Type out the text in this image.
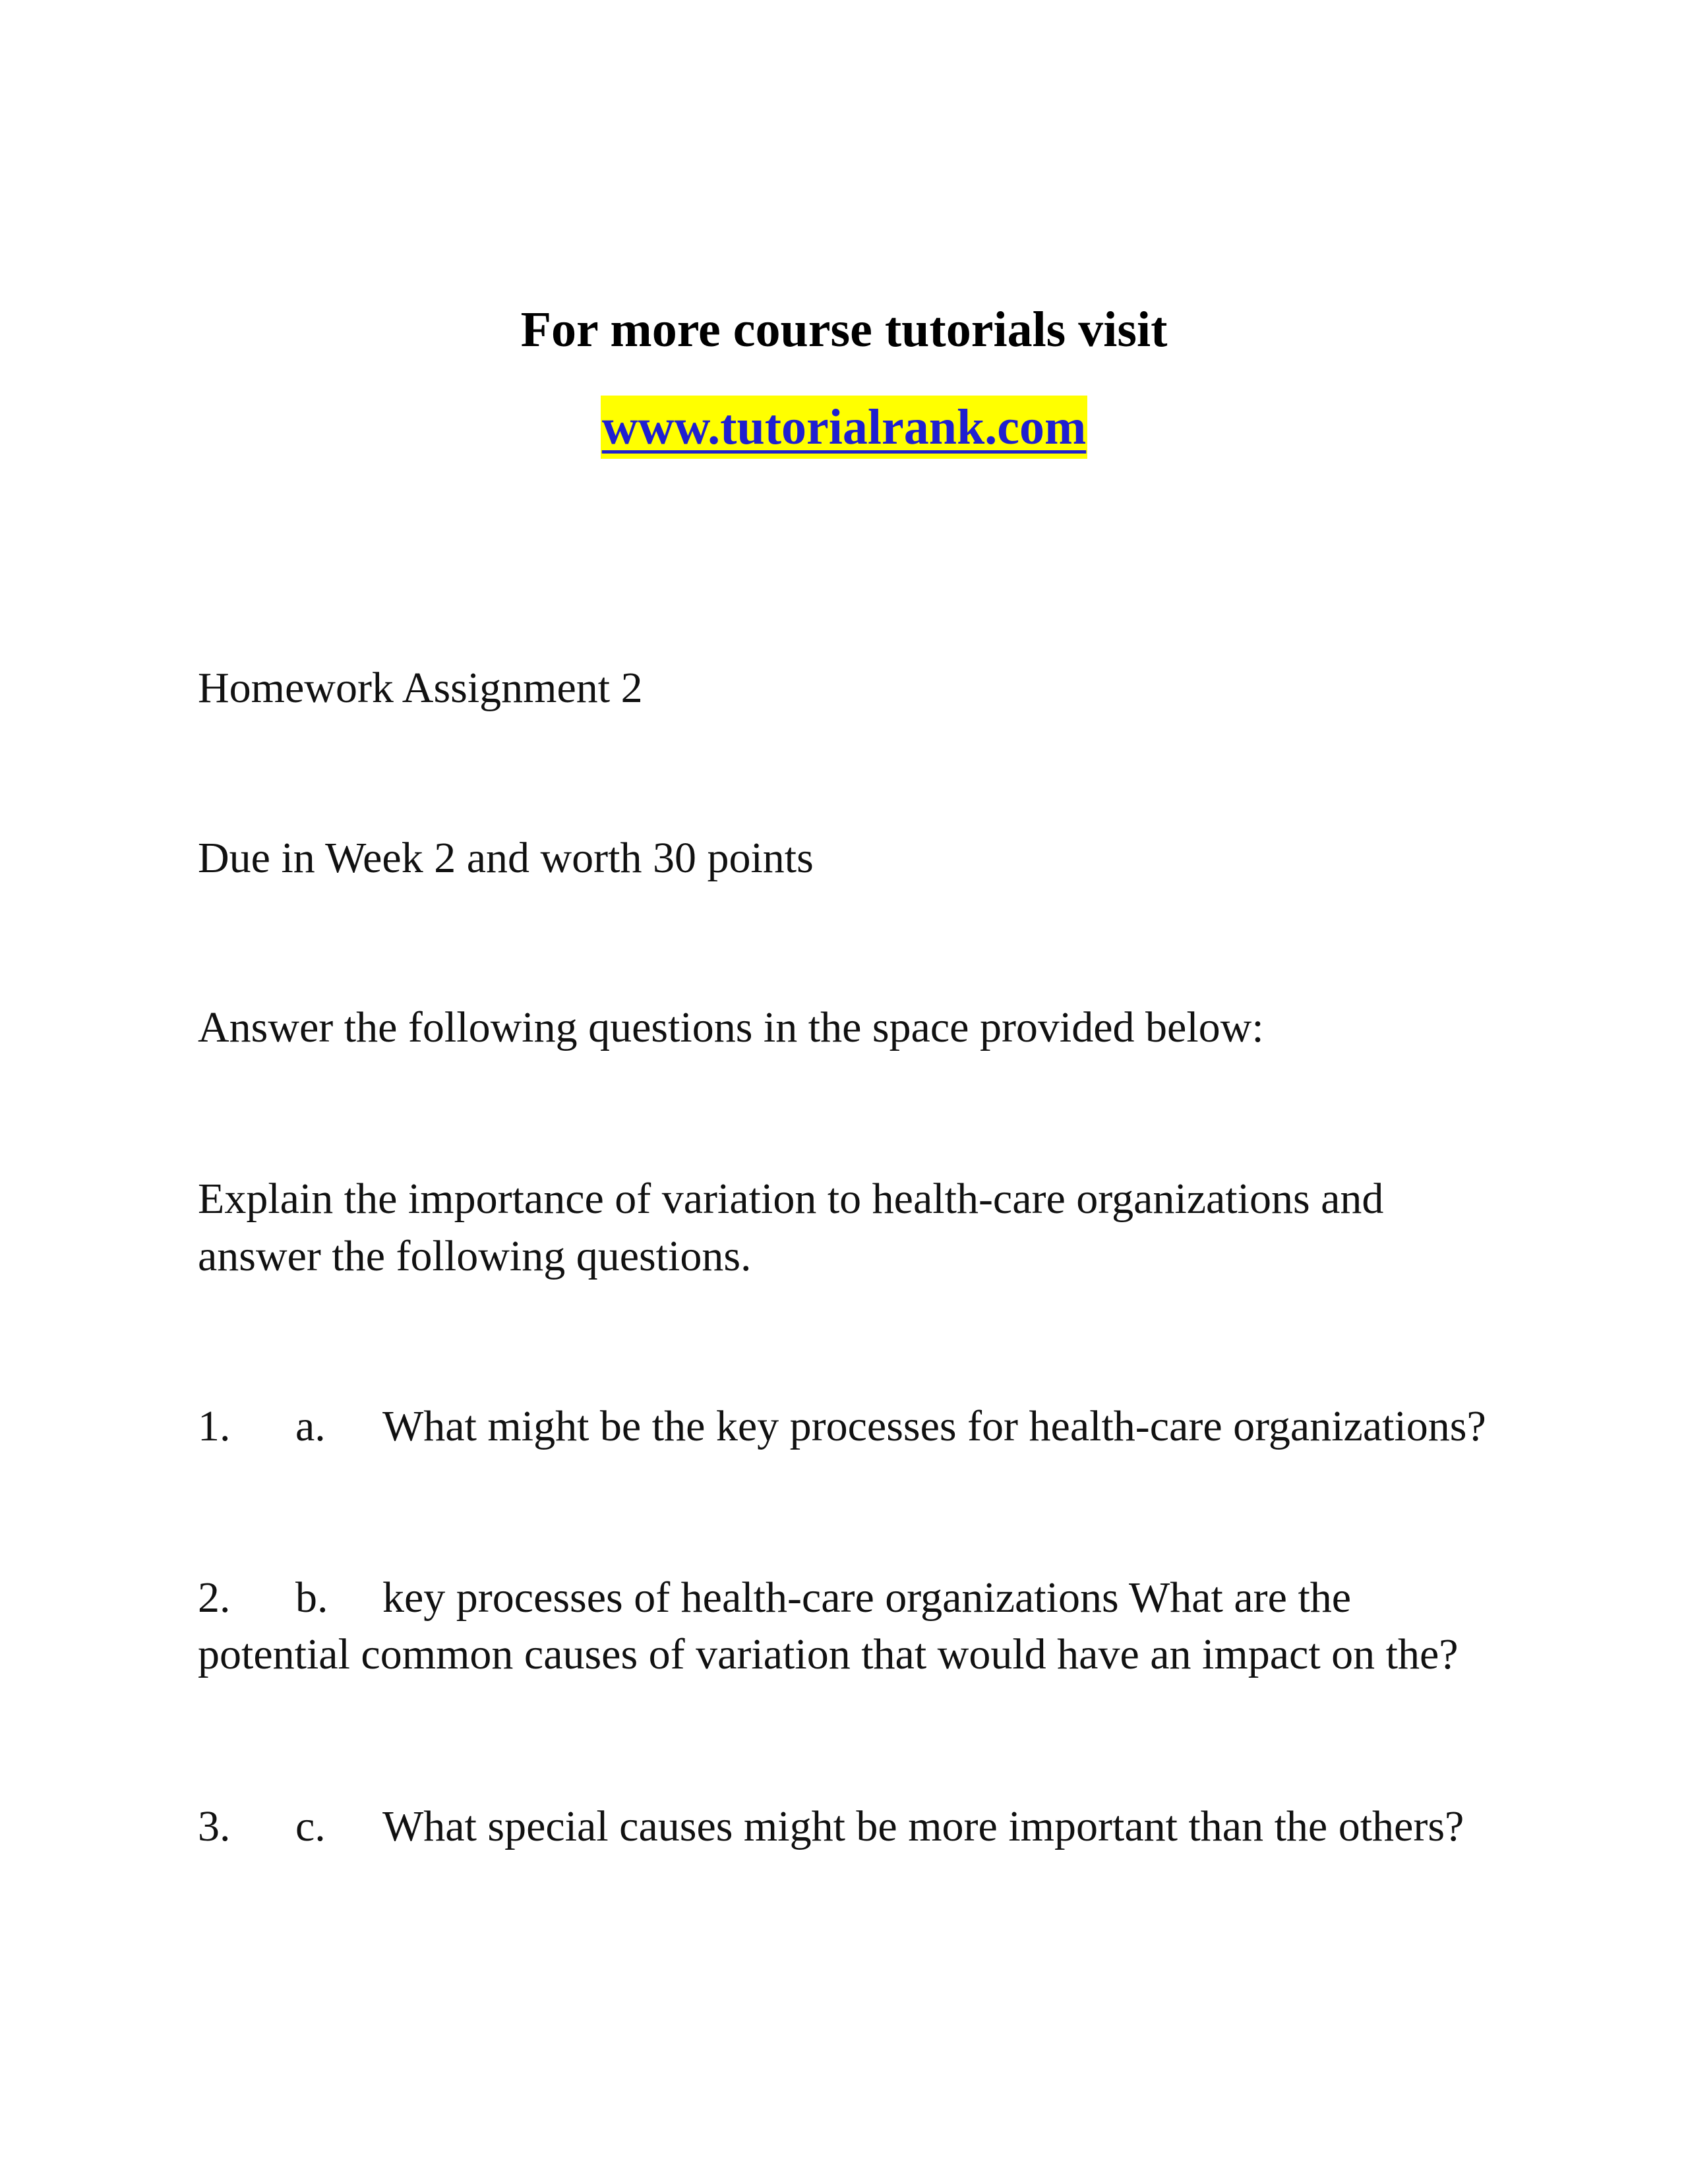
For more course tutorials visit
www.tutorialrank.com

Homework Assignment 2

Due in Week 2 and worth 30 points

Answer the following questions in the space provided below:

Explain the importance of variation to health-care organizations and

answer the following questions.

1. a. What might be the key processes for health-care organizations?
2. b. key processes of health-care organizations What are the

potential common causes of variation that would have an impact on the?

3. c. What special causes might be more important than the others?
